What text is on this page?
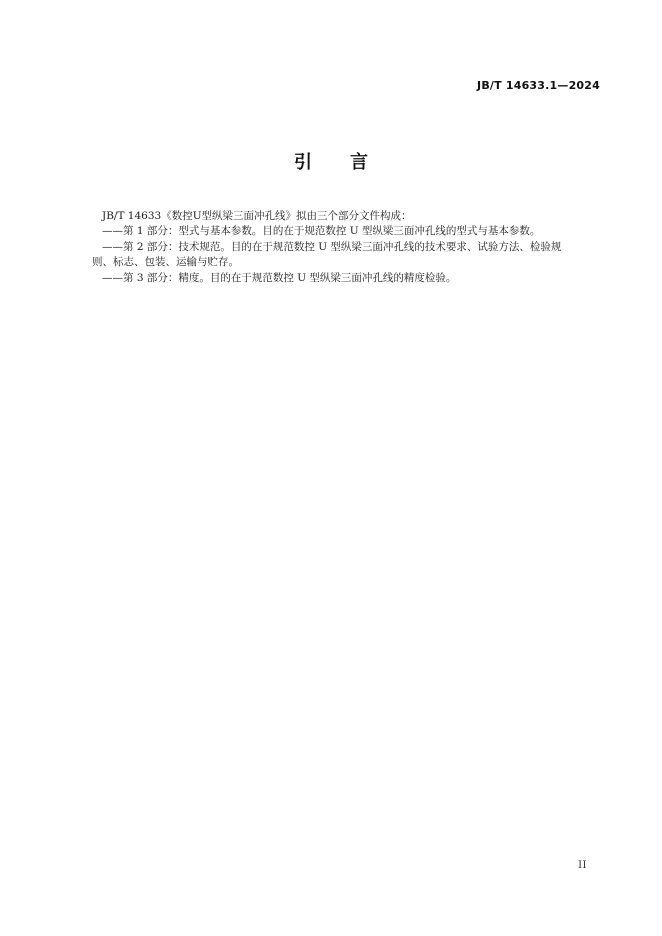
JB/T 14633.1—2024
引 言

JB/T 14633《数控U型纵梁三面冲孔线》拟由三个部分文件构成：

——第 1 部分：型式与基本参数。目的在于规范数控 U 型纵梁三面冲孔线的型式与基本参数。

——第 2 部分：技术规范。目的在于规范数控 U 型纵梁三面冲孔线的技术要求、试验方法、检验规

则、标志、包装、运输与贮存。

——第 3 部分：精度。目的在于规范数控 U 型纵梁三面冲孔线的精度检验。

II
